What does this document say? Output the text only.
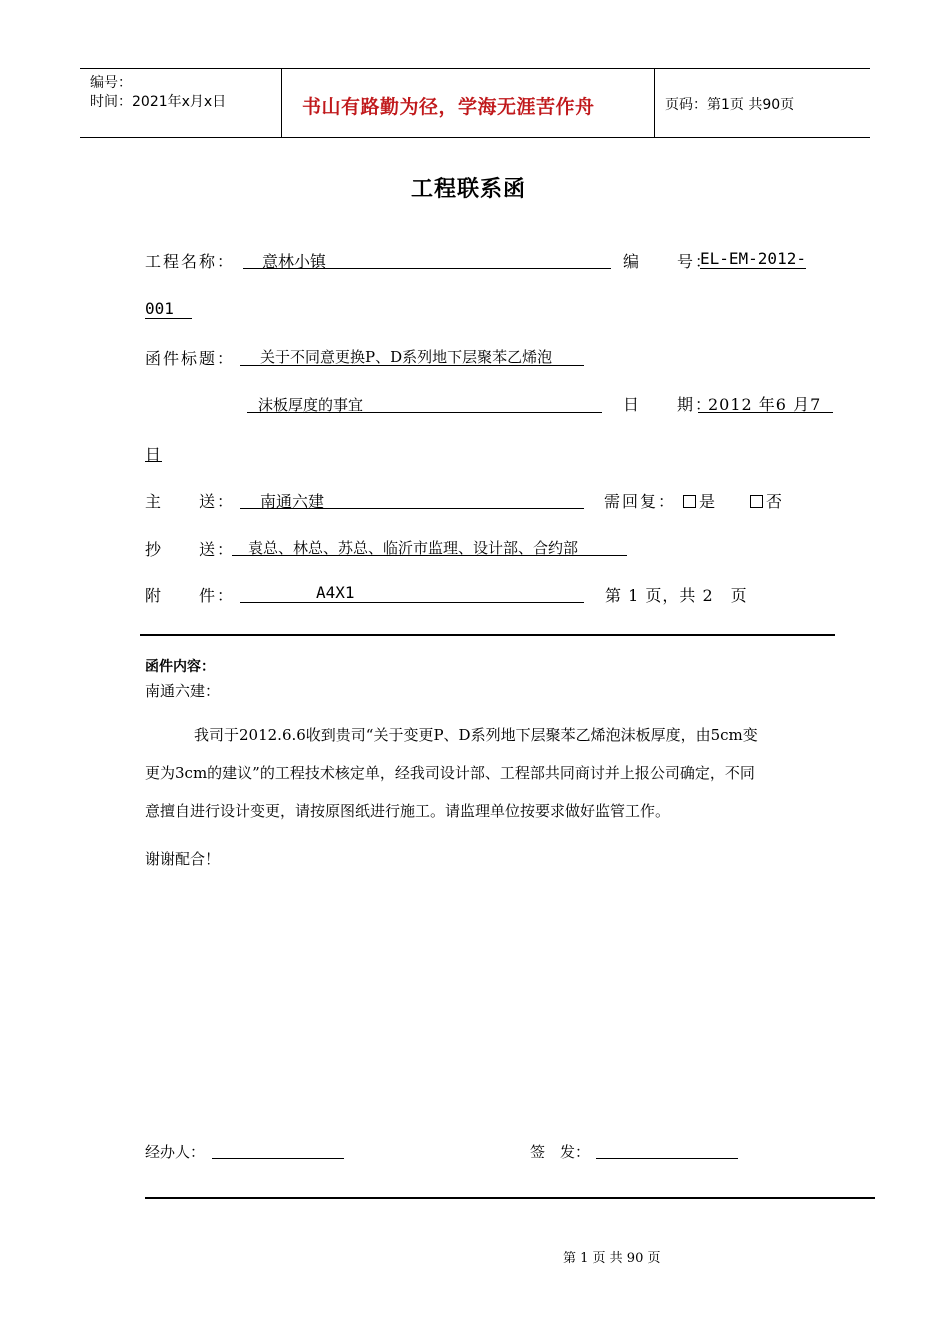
编号：
时间：2021年x月x日	书山有路勤为径，学海无涯苦作舟	页码：第1页 共90页
工程联系函
工程名称： 意林小镇	编　　号：
EL-EM-2012-
001
函件标题： 关于不同意更换P、D系列地下层聚苯乙烯泡
沫板厚度的事宜	日　　期：
2012 年6 月7
日
主　　送： 南通六建	需回复：	是	否
抄　　送： 袁总、林总、苏总、临沂市监理、设计部、合约部
附　　件：	A4X1	第 1 页，共 2　页
函件内容：
南通六建：
我司于2012.6.6收到贵司“关于变更P、D系列地下层聚苯乙烯泡沫板厚度，由5cm变
更为3cm的建议”的工程技术核定单，经我司设计部、工程部共同商讨并上报公司确定，不同
意擅自进行设计变更，请按原图纸进行施工。请监理单位按要求做好监管工作。
谢谢配合！
经办人：	签　发：
第 1 页 共 90 页
